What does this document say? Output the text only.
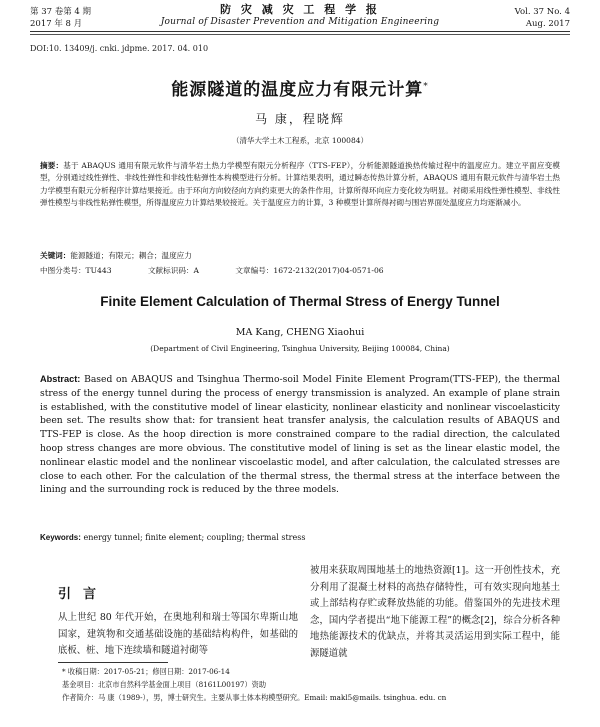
第 37 卷第 4 期
2017 年 8 月
防 灾 减 灾 工 程 学 报
Journal of Disaster Prevention and Mitigation Engineering
Vol. 37 No. 4
Aug. 2017
DOI:10. 13409/j. cnki. jdpme. 2017. 04. 010
能源隧道的温度应力有限元计算*
马 康，程晓辉
（清华大学土木工程系，北京 100084）
摘要：基于 ABAQUS 通用有限元软件与清华岩土热力学模型有限元分析程序（TTS-FEP），分析能源隧道换热传输过程中的温度应力。建立平面应变模型，分别通过线性弹性、非线性弹性和非线性粘弹性本构模型进行分析。计算结果表明，通过瞬态传热计算分析，ABAQUS 通用有限元软件与清华岩土热力学模型有限元分析程序计算结果接近。由于环向方向较径向方向约束更大的条件作用，计算所得环向应力变化较为明显。衬砌采用线性弹性模型、非线性弹性模型与非线性粘弹性模型，所得温度应力计算结果较接近。关于温度应力的计算，3 种模型计算所得衬砌与围岩界面处温度应力均逐渐减小。
关键词：能源隧道；有限元；耦合；温度应力
中图分类号：TU443	文献标识码：A	文章编号：1672-2132(2017)04-0571-06
Finite Element Calculation of Thermal Stress of Energy Tunnel
MA Kang, CHENG Xiaohui
(Department of Civil Engineering, Tsinghua University, Beijing 100084, China)
Abstract: Based on ABAQUS and Tsinghua Thermo-soil Model Finite Element Program(TTS-FEP), the thermal stress of the energy tunnel during the process of energy transmission is analyzed. An example of plane strain is established, with the constitutive model of linear elasticity, nonlinear elasticity and nonlinear viscoelasticity been set. The results show that: for transient heat transfer analysis, the calculation results of ABAQUS and TTS-FEP is close. As the hoop direction is more constrained compare to the radial direction, the calculated hoop stress changes are more obvious. The constitutive model of lining is set as the linear elastic model, the nonlinear elastic model and the nonlinear viscoelastic model, and after calculation, the calculated stresses are close to each other. For the calculation of the thermal stress, the thermal stress at the interface between the lining and the surrounding rock is reduced by the three models.
Keywords: energy tunnel; finite element; coupling; thermal stress
引言
从上世纪 80 年代开始，在奥地利和瑞士等国尔卑斯山地国家，建筑物和交通基础设施的基础结构构件，如基础的底板、桩、地下连续墙和隧道衬砌等
被用来获取周围地基土的地热资源[1]。这一开创性技术，充分利用了混凝土材料的高热存储特性，可有效实现向地基土或上部结构存贮或释放热能的功能。借鉴国外的先进技术理念，国内学者提出“地下能源工程”的概念[2]，综合分析各种地热能源技术的优缺点，并将其灵活运用到实际工程中，能源隧道就
* 收稿日期：2017-05-21；修回日期：2017-06-14
基金项目：北京市自然科学基金面上项目（8161L00197）资助
作者简介：马 康（1989-），男，博士研究生。主要从事土体本构模型研究。Email: makl5@mails. tsinghua. edu. cn
